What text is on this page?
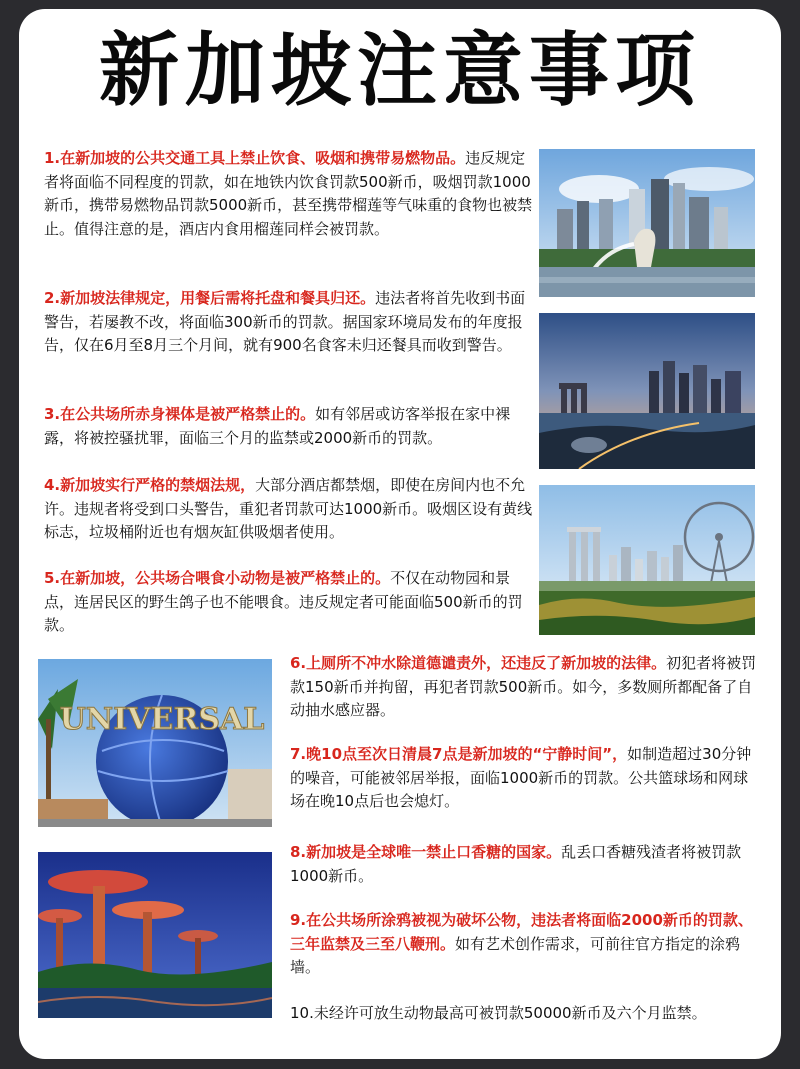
新加坡注意事项
1.在新加坡的公共交通工具上禁止饮食、吸烟和携带易燃物品。违反规定者将面临不同程度的罚款，如在地铁内饮食罚款500新币，吸烟罚款1000新币，携带易燃物品罚款5000新币，甚至携带榴莲等气味重的食物也被禁止。值得注意的是，酒店内食用榴莲同样会被罚款。
2.新加坡法律规定，用餐后需将托盘和餐具归还。违法者将首先收到书面警告，若屡教不改，将面临300新币的罚款。据国家环境局发布的年度报告，仅在6月至8月三个月间，就有900名食客未归还餐具而收到警告。
3.在公共场所赤身裸体是被严格禁止的。如有邻居或访客举报在家中裸露，将被控骚扰罪，面临三个月的监禁或2000新币的罚款。
4.新加坡实行严格的禁烟法规，大部分酒店都禁烟，即使在房间内也不允许。违规者将受到口头警告，重犯者罚款可达1000新币。吸烟区设有黄线标志，垃圾桶附近也有烟灰缸供吸烟者使用。
5.在新加坡，公共场合喂食小动物是被严格禁止的。不仅在动物园和景点，连居民区的野生鸽子也不能喂食。违反规定者可能面临500新币的罚款。
6.上厕所不冲水除道德谴责外，还违反了新加坡的法律。初犯者将被罚款150新币并拘留，再犯者罚款500新币。如今，多数厕所都配备了自动抽水感应器。
7.晚10点至次日清晨7点是新加坡的“宁静时间”，如制造超过30分钟的噪音，可能被邻居举报，面临1000新币的罚款。公共篮球场和网球场在晚10点后也会熄灯。
8.新加坡是全球唯一禁止口香糖的国家。乱丢口香糖残渣者将被罚款1000新币。
9.在公共场所涂鸦被视为破坏公物，违法者将面临2000新币的罚款、三年监禁及三至八鞭刑。如有艺术创作需求，可前往官方指定的涂鸦墙。
10.未经许可放生动物最高可被罚款50000新币及六个月监禁。
UNIVERSAL
